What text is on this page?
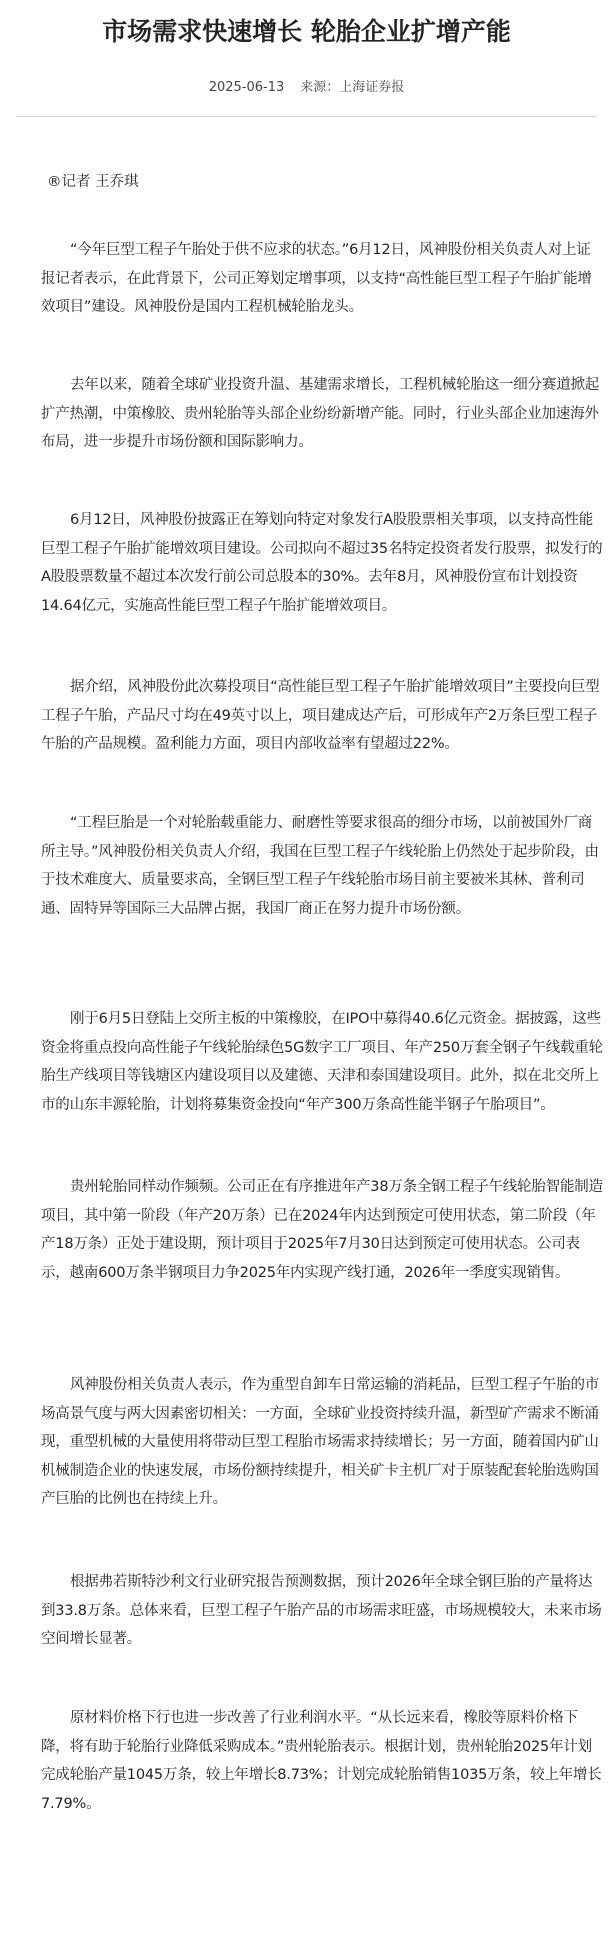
市场需求快速增长 轮胎企业扩增产能
2025-06-13 来源：上海证券报
®记者 王乔琪

“今年巨型工程子午胎处于供不应求的状态。”6月12日，风神股份相关负责人对上证报记者表示，在此背景下，公司正筹划定增事项，以支持“高性能巨型工程子午胎扩能增效项目”建设。风神股份是国内工程机械轮胎龙头。

去年以来，随着全球矿业投资升温、基建需求增长，工程机械轮胎这一细分赛道掀起扩产热潮，中策橡胶、贵州轮胎等头部企业纷纷新增产能。同时，行业头部企业加速海外布局，进一步提升市场份额和国际影响力。

6月12日，风神股份披露正在筹划向特定对象发行A股股票相关事项，以支持高性能巨型工程子午胎扩能增效项目建设。公司拟向不超过35名特定投资者发行股票，拟发行的A股股票数量不超过本次发行前公司总股本的30%。去年8月，风神股份宣布计划投资14.64亿元，实施高性能巨型工程子午胎扩能增效项目。

据介绍，风神股份此次募投项目“高性能巨型工程子午胎扩能增效项目”主要投向巨型工程子午胎，产品尺寸均在49英寸以上，项目建成达产后，可形成年产2万条巨型工程子午胎的产品规模。盈利能力方面，项目内部收益率有望超过22%。

“工程巨胎是一个对轮胎载重能力、耐磨性等要求很高的细分市场，以前被国外厂商所主导。”风神股份相关负责人介绍，我国在巨型工程子午线轮胎上仍然处于起步阶段，由于技术难度大、质量要求高，全钢巨型工程子午线轮胎市场目前主要被米其林、普利司通、固特异等国际三大品牌占据，我国厂商正在努力提升市场份额。

刚于6月5日登陆上交所主板的中策橡胶，在IPO中募得40.6亿元资金。据披露，这些资金将重点投向高性能子午线轮胎绿色5G数字工厂项目、年产250万套全钢子午线载重轮胎生产线项目等钱塘区内建设项目以及建德、天津和泰国建设项目。此外，拟在北交所上市的山东丰源轮胎，计划将募集资金投向“年产300万条高性能半钢子午胎项目”。

贵州轮胎同样动作频频。公司正在有序推进年产38万条全钢工程子午线轮胎智能制造项目，其中第一阶段（年产20万条）已在2024年内达到预定可使用状态，第二阶段（年产18万条）正处于建设期，预计项目于2025年7月30日达到预定可使用状态。公司表示，越南600万条半钢项目力争2025年内实现产线打通，2026年一季度实现销售。

风神股份相关负责人表示，作为重型自卸车日常运输的消耗品，巨型工程子午胎的市场高景气度与两大因素密切相关：一方面，全球矿业投资持续升温，新型矿产需求不断涌现，重型机械的大量使用将带动巨型工程胎市场需求持续增长；另一方面，随着国内矿山机械制造企业的快速发展，市场份额持续提升，相关矿卡主机厂对于原装配套轮胎选购国产巨胎的比例也在持续上升。

根据弗若斯特沙利文行业研究报告预测数据，预计2026年全球全钢巨胎的产量将达到33.8万条。总体来看，巨型工程子午胎产品的市场需求旺盛，市场规模较大，未来市场空间增长显著。

原材料价格下行也进一步改善了行业利润水平。“从长远来看，橡胶等原料价格下降，将有助于轮胎行业降低采购成本。”贵州轮胎表示。根据计划，贵州轮胎2025年计划完成轮胎产量1045万条，较上年增长8.73%；计划完成轮胎销售1035万条，较上年增长7.79%。
